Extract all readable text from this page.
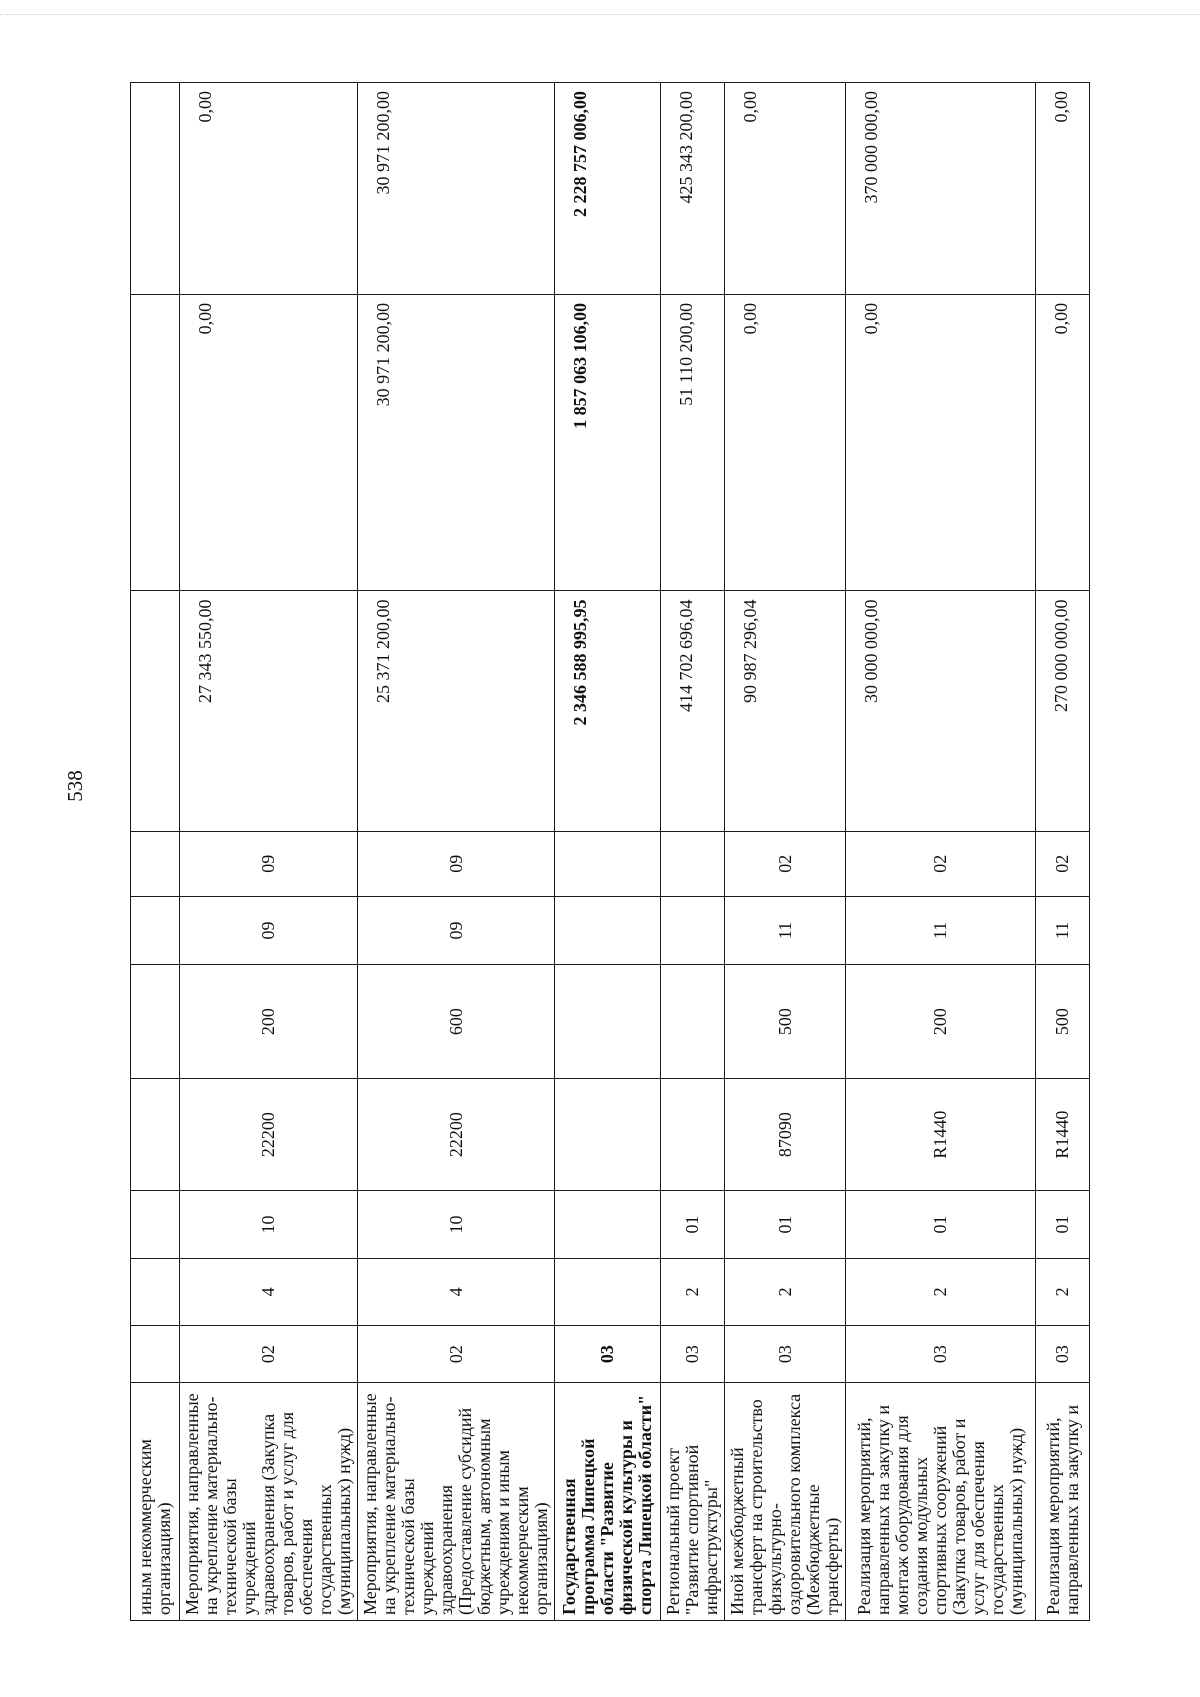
538
иным некоммерческим организациям)										
Мероприятия, направленные на укрепление материально-технической базы учреждений здравоохранения (Закупка товаров, работ и услуг для обеспечения государственных (муниципальных) нужд)	02	4	10	22200	200	09	09	27 343 550,00	0,00	0,00
Мероприятия, направленные на укрепление материально-технической базы учреждений здравоохранения (Предоставление субсидий бюджетным, автономным учреждениям и иным некоммерческим организациям)	02	4	10	22200	600	09	09	25 371 200,00	30 971 200,00	30 971 200,00
Государственная программа Липецкой области "Развитие физической культуры и спорта Липецкой области"	03							2 346 588 995,95	1 857 063 106,00	2 228 757 006,00
Региональный проект "Развитие спортивной инфраструктуры"	03	2	01					414 702 696,04	51 110 200,00	425 343 200,00
Иной межбюджетный трансферт на строительство физкультурно-оздоровительного комплекса (Межбюджетные трансферты)	03	2	01	87090	500	11	02	90 987 296,04	0,00	0,00
Реализация мероприятий, направленных на закупку и монтаж оборудования для создания модульных спортивных сооружений (Закупка товаров, работ и услуг для обеспечения государственных (муниципальных) нужд)	03	2	01	R1440	200	11	02	30 000 000,00	0,00	370 000 000,00
Реализация мероприятий, направленных на закупку и	03	2	01	R1440	500	11	02	270 000 000,00	0,00	0,00
